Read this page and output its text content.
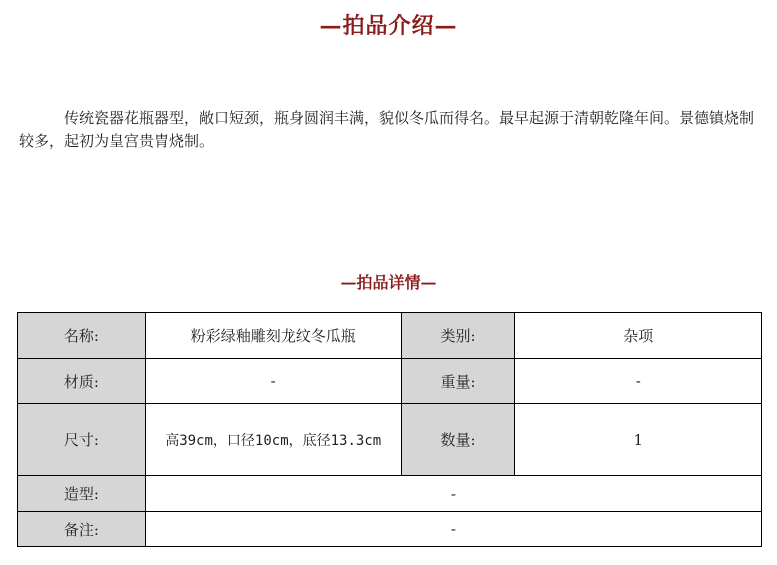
—拍品介绍—

传统瓷器花瓶器型，敞口短颈，瓶身圆润丰满，貌似冬瓜而得名。最早起源于清朝乾隆年间。景德镇烧制较多，起初为皇宫贵胄烧制。

—拍品详情—
名称:	粉彩绿釉雕刻龙纹冬瓜瓶	类别:	杂项
材质:	-	重量:	-
尺寸:	高39cm，口径10cm，底径13.3cm	数量:	1
造型:	-		
备注:	-		
